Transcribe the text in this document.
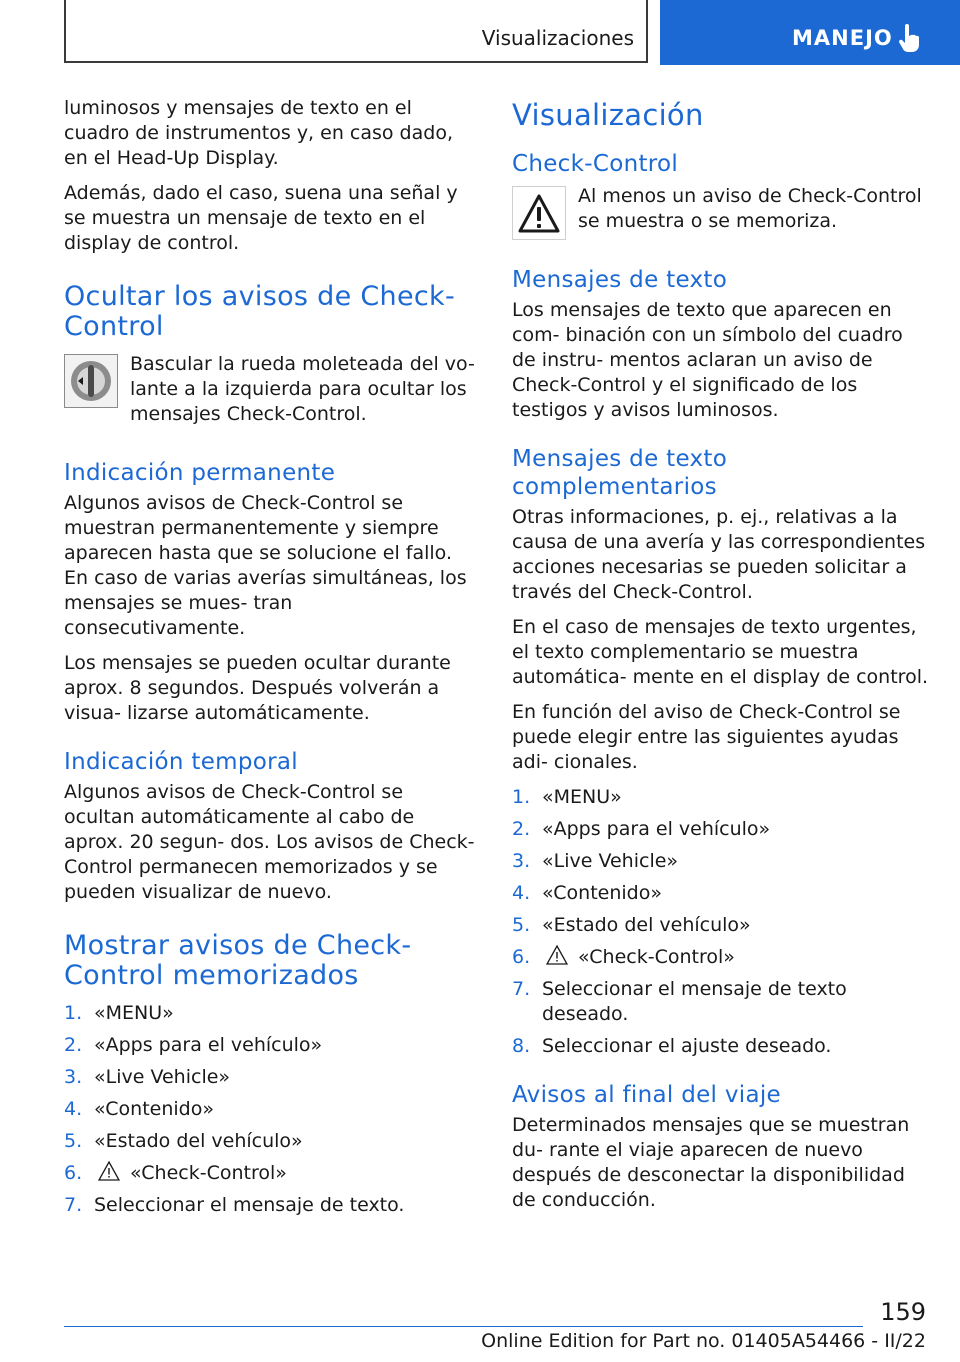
Visualizaciones	MANEJO

luminosos y mensajes de texto en el cuadro de instrumentos y, en caso dado, en el Head-Up Display.

Además, dado el caso, suena una señal y se muestra un mensaje de texto en el display de control.

Ocultar los avisos de Check-Control

Bascular la rueda moleteada del vo- lante a la izquierda para ocultar los mensajes Check-Control.

Indicación permanente

Algunos avisos de Check-Control se muestran permanentemente y siempre aparecen hasta que se solucione el fallo. En caso de varias averías simultáneas, los mensajes se mues- tran consecutivamente.

Los mensajes se pueden ocultar durante aprox. 8 segundos. Después volverán a visua- lizarse automáticamente.

Indicación temporal

Algunos avisos de Check-Control se ocultan automáticamente al cabo de aprox. 20 segun- dos. Los avisos de Check-Control permanecen memorizados y se pueden visualizar de nuevo.

Mostrar avisos de Check-Control memorizados
1. «MENU»
2. «Apps para el vehículo»
3. «Live Vehicle»
4. «Contenido»
5. «Estado del vehículo»
6.	«Check-Control»
7. Seleccionar el mensaje de texto.
Visualización
Check-Control

Al menos un aviso de Check-Control se muestra o se memoriza.

Mensajes de texto

Los mensajes de texto que aparecen en com- binación con un símbolo del cuadro de instru- mentos aclaran un aviso de Check-Control y el significado de los testigos y avisos luminosos.

Mensajes de texto complementarios

Otras informaciones, p. ej., relativas a la causa de una avería y las correspondientes acciones necesarias se pueden solicitar a través del Check-Control.

En el caso de mensajes de texto urgentes, el texto complementario se muestra automática- mente en el display de control.

En función del aviso de Check-Control se puede elegir entre las siguientes ayudas adi- cionales.

1. «MENU»
2. «Apps para el vehículo»
3. «Live Vehicle»
4. «Contenido»
5. «Estado del vehículo»
6.	«Check-Control»
7. Seleccionar el mensaje de texto deseado.
8. Seleccionar el ajuste deseado.
Avisos al final del viaje

Determinados mensajes que se muestran du- rante el viaje aparecen de nuevo después de desconectar la disponibilidad de conducción.

159
Online Edition for Part no. 01405A54466 - II/22
